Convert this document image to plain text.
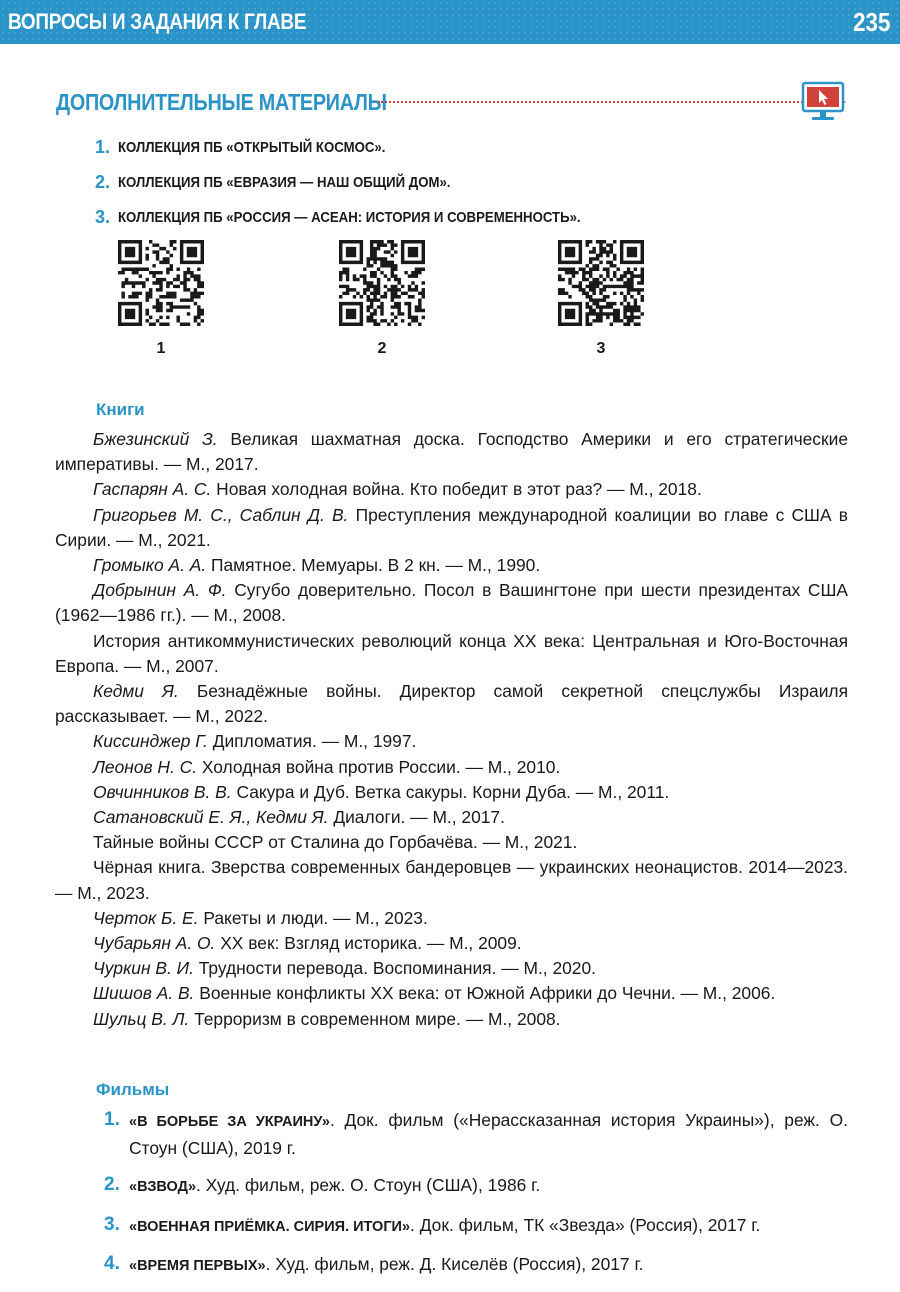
ВОПРОСЫ И ЗАДАНИЯ К ГЛАВЕ	235
ДОПОЛНИТЕЛЬНЫЕ МАТЕРИАЛЫ
1. КОЛЛЕКЦИЯ ПБ «ОТКРЫТЫЙ КОСМОС».
2. КОЛЛЕКЦИЯ ПБ «ЕВРАЗИЯ — НАШ ОБЩИЙ ДОМ».
3. КОЛЛЕКЦИЯ ПБ «РОССИЯ — АСЕАН: ИСТОРИЯ И СОВРЕМЕННОСТЬ».
1	2	3
Книги

Бжезинский З. Великая шахматная доска. Господство Америки и его стратегические императивы. — М., 2017.

Гаспарян А. С. Новая холодная война. Кто победит в этот раз? — М., 2018.

Григорьев М. С., Саблин Д. В. Преступления международной коалиции во главе с США в Сирии. — М., 2021.

Громыко А. А. Памятное. Мемуары. В 2 кн. — М., 1990.

Добрынин А. Ф. Сугубо доверительно. Посол в Вашингтоне при шести президентах США (1962—1986 гг.). — М., 2008.

История антикоммунистических революций конца XX века: Центральная и Юго-Восточная Европа. — М., 2007.

Кедми Я. Безнадёжные войны. Директор самой секретной спецслужбы Израиля рассказывает. — М., 2022.

Киссинджер Г. Дипломатия. — М., 1997.

Леонов Н. С. Холодная война против России. — М., 2010.

Овчинников В. В. Сакура и Дуб. Ветка сакуры. Корни Дуба. — М., 2011.

Сатановский Е. Я., Кедми Я. Диалоги. — М., 2017.

Тайные войны СССР от Сталина до Горбачёва. — М., 2021.

Чёрная книга. Зверства современных бандеровцев — украинских неонацистов. 2014—2023. — М., 2023.

Черток Б. Е. Ракеты и люди. — М., 2023.

Чубарьян А. О. XX век: Взгляд историка. — М., 2009.

Чуркин В. И. Трудности перевода. Воспоминания. — М., 2020.

Шишов А. В. Военные конфликты XX века: от Южной Африки до Чечни. — М., 2006.

Шульц В. Л. Терроризм в современном мире. — М., 2008.

Фильмы
1. «В БОРЬБЕ ЗА УКРАИНУ». Док. фильм («Нерассказанная история Украины»), реж. О. Стоун (США), 2019 г.
2. «ВЗВОД». Худ. фильм, реж. О. Стоун (США), 1986 г.
3. «ВОЕННАЯ ПРИЁМКА. СИРИЯ. ИТОГИ». Док. фильм, ТК «Звезда» (Россия), 2017 г.
4. «ВРЕМЯ ПЕРВЫХ». Худ. фильм, реж. Д. Киселёв (Россия), 2017 г.
